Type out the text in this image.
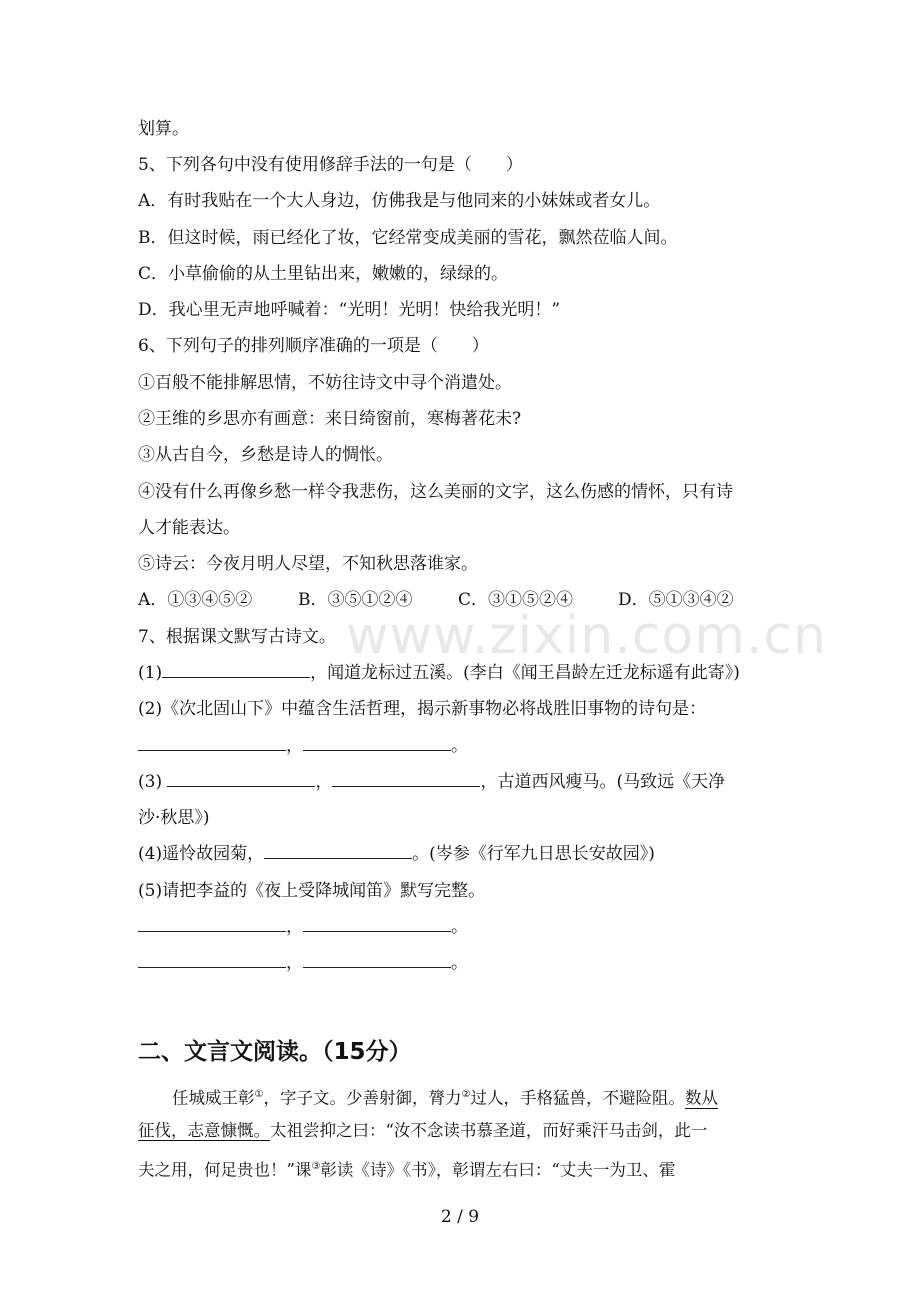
划算。
5、下列各句中没有使用修辞手法的一句是（　　）
A．有时我贴在一个大人身边，仿佛我是与他同来的小妹妹或者女儿。
B．但这时候，雨已经化了妆，它经常变成美丽的雪花，飘然莅临人间。
C．小草偷偷的从土里钻出来，嫩嫩的，绿绿的。
D．我心里无声地呼喊着：“光明！光明！快给我光明！”
6、下列句子的排列顺序准确的一项是（　　）
①百般不能排解思情，不妨往诗文中寻个消遣处。
②王维的乡思亦有画意：来日绮窗前，寒梅著花未?
③从古自今，乡愁是诗人的惆怅。
④没有什么再像乡愁一样令我悲伤，这么美丽的文字，这么伤感的情怀，只有诗
人才能表达。
⑤诗云：今夜月明人尽望，不知秋思落谁家。
A．①③④⑤②	B．③⑤①②④	C．③①⑤②④	D．⑤①③④②
7、根据课文默写古诗文。
(1)	，闻道龙标过五溪。(李白《闻王昌龄左迁龙标遥有此寄》)
(2)《次北固山下》中蕴含生活哲理，揭示新事物必将战胜旧事物的诗句是：
，	。
(3)	，	，古道西风瘦马。(马致远《天净
沙·秋思》)
(4)遥怜故园菊，	。(岑参《行军九日思长安故园》)
(5)请把李益的《夜上受降城闻笛》默写完整。
，	。
，	。
二、文言文阅读。（15分）
任城威王彰①，字子文。少善射御，膂力②过人，手格猛兽，不避险阻。数从
征伐，志意慷慨。太祖尝抑之曰：“汝不念读书慕圣道，而好乘汗马击剑，此一
夫之用，何足贵也！”课③彰读《诗》《书》，彰谓左右曰：“丈夫一为卫、霍
www.zixin.com.cn
2 / 9
